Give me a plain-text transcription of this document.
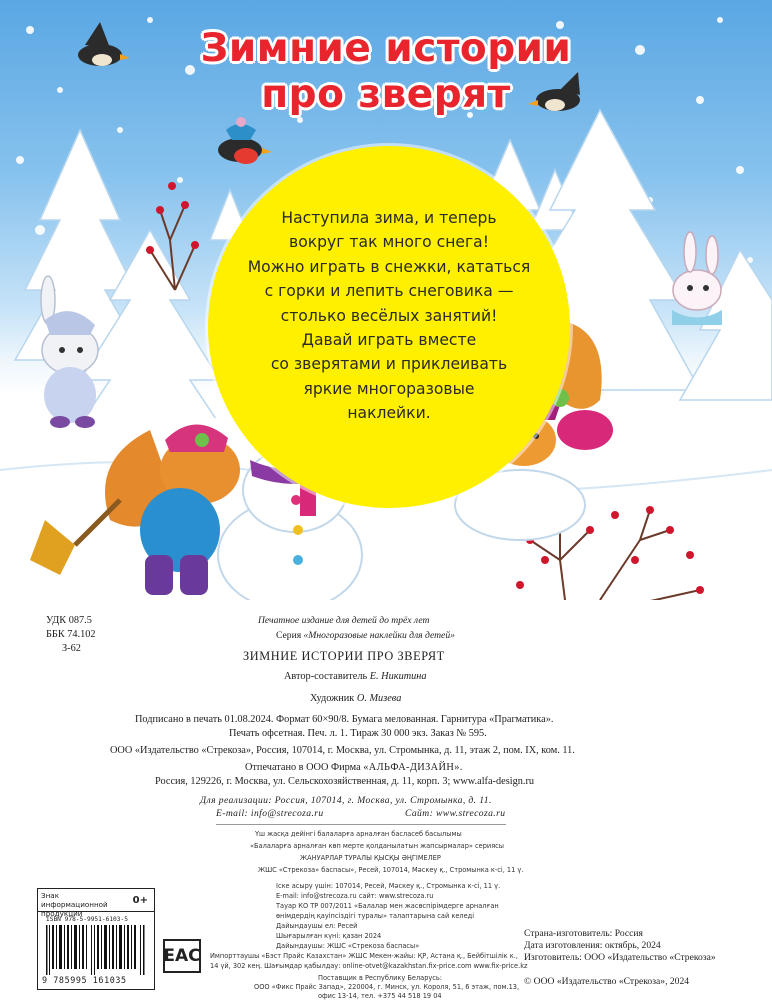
Зимние истории
про зверят
Наступила зима, и теперь
вокруг так много снега!
Можно играть в снежки, кататься
с горки и лепить снеговика —
столько весёлых занятий!
Давай играть вместе
со зверятами и приклеивать
яркие многоразовые
наклейки.
УДК 087.5
ББК 74.102
З-62
Печатное издание для детей до трёх лет
Серия «Многоразовые наклейки для детей»
ЗИМНИЕ ИСТОРИИ ПРО ЗВЕРЯТ
Автор-составитель Е. Никитина
Художник О. Мизева
Подписано в печать 01.08.2024. Формат 60×90/8. Бумага мелованная. Гарнитура «Прагматика».
Печать офсетная. Печ. л. 1. Тираж 30 000 экз. Заказ № 595.
ООО «Издательство «Стрекоза», Россия, 107014, г. Москва, ул. Стромынка, д. 11, этаж 2, пом. IX, ком. 11.
Отпечатано в ООО Фирма «АЛЬФА-ДИЗАЙН».
Россия, 129226, г. Москва, ул. Сельскохозяйственная, д. 11, корп. 3; www.alfa-design.ru
Для реализации: Россия, 107014, г. Москва, ул. Стромынка, д. 11.
E-mail: info@strecoza.ru	Сайт: www.strecoza.ru
Үш жасқа дейінгі балаларға арналған басласеб басылымы
«Балаларға арналған көп мерте қолданылатын жапсырмалар» сериясы
ЖАНУАРЛАР ТУРАЛЫ ҚЫСҚЫ ӘҢГІМЕЛЕР
ЖШС «Стрекоза» баспасы», Ресей, 107014, Мәскеу қ., Стромынка к-сі, 11 ү.
Іске асыру үшін: 107014, Ресей, Мәскеу қ., Стромынка к-сі, 11 ү.
E-mail: info@strecoza.ru сайт: www.strecoza.ru
Тауар КО ТР 007/2011 «Балалар мен жасөспірімдерге арналған
өнімдердің қауіпсіздігі туралы» талаптарына сай келеді
Дайындаушы ел: Ресей
Шығарылған күні: қазан 2024
Дайындаушы: ЖШС «Стрекоза баспасы»
Импорттаушы «Бэст Прайс Казахстан» ЖШС Мекен-жайы: ҚР, Астана қ., Бейбітшілік к.,
14 үй, 302 кең. Шағымдар қабылдау: online-otvet@kazakhstan.fix-price.com www.fix-price.kz
Поставщик в Республику Беларусь:
ООО «Фикс Прайс Запад», 220004, г. Минск, ул. Короля, 51, 6 этаж, пом.13,
офис 13-14, тел. +375 44 518 19 04
Знак информационной продукции
0+
ISBN 978-5-9951-6103-5
9 785995 161035
EAC
Страна-изготовитель: Россия
Дата изготовления: октябрь, 2024
Изготовитель: ООО «Издательство «Стрекоза»
© ООО «Издательство «Стрекоза», 2024
